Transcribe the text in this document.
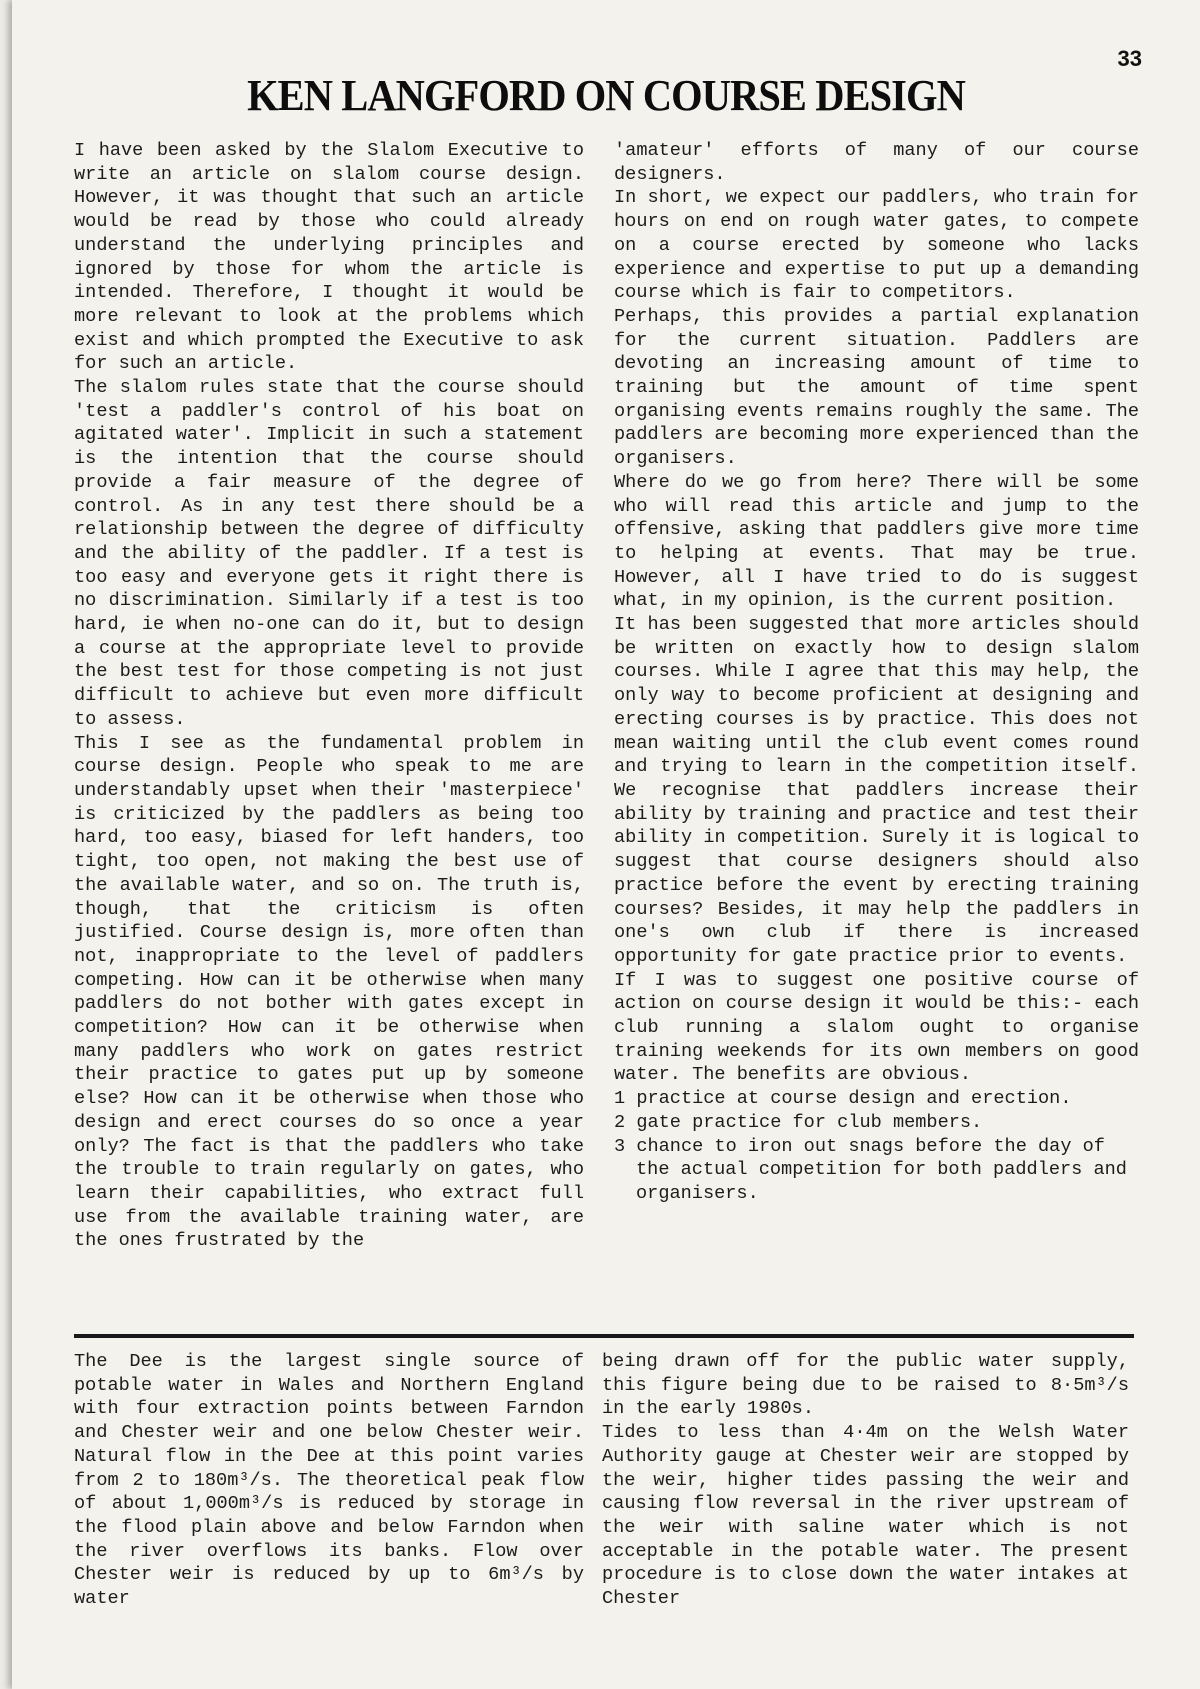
33
KEN LANGFORD ON COURSE DESIGN

I have been asked by the Slalom Executive to write an article on slalom course design. However, it was thought that such an article would be read by those who could already understand the underlying principles and ignored by those for whom the article is intended. Therefore, I thought it would be more relevant to look at the problems which exist and which prompted the Executive to ask for such an article.

The slalom rules state that the course should 'test a paddler's control of his boat on agitated water'. Implicit in such a statement is the intention that the course should provide a fair measure of the degree of control. As in any test there should be a relationship between the degree of difficulty and the ability of the paddler. If a test is too easy and everyone gets it right there is no discrimination. Similarly if a test is too hard, ie when no-one can do it, but to design a course at the appropriate level to provide the best test for those competing is not just difficult to achieve but even more difficult to assess.

This I see as the fundamental problem in course design. People who speak to me are understandably upset when their 'masterpiece' is criticized by the paddlers as being too hard, too easy, biased for left handers, too tight, too open, not making the best use of the available water, and so on. The truth is, though, that the criticism is often justified. Course design is, more often than not, inappropriate to the level of paddlers competing. How can it be otherwise when many paddlers do not bother with gates except in competition? How can it be otherwise when many paddlers who work on gates restrict their practice to gates put up by someone else? How can it be otherwise when those who design and erect courses do so once a year only? The fact is that the paddlers who take the trouble to train regularly on gates, who learn their capabilities, who extract full use from the available training water, are the ones frustrated by the

'amateur' efforts of many of our course designers.

In short, we expect our paddlers, who train for hours on end on rough water gates, to compete on a course erected by someone who lacks experience and expertise to put up a demanding course which is fair to competitors.

Perhaps, this provides a partial explanation for the current situation. Paddlers are devoting an increasing amount of time to training but the amount of time spent organising events remains roughly the same. The paddlers are becoming more experienced than the organisers.

Where do we go from here? There will be some who will read this article and jump to the offensive, asking that paddlers give more time to helping at events. That may be true. However, all I have tried to do is suggest what, in my opinion, is the current position.

It has been suggested that more articles should be written on exactly how to design slalom courses. While I agree that this may help, the only way to become proficient at designing and erecting courses is by practice. This does not mean waiting until the club event comes round and trying to learn in the competition itself. We recognise that paddlers increase their ability by training and practice and test their ability in competition. Surely it is logical to suggest that course designers should also practice before the event by erecting training courses? Besides, it may help the paddlers in one's own club if there is increased opportunity for gate practice prior to events.

If I was to suggest one positive course of action on course design it would be this:- each club running a slalom ought to organise training weekends for its own members on good water. The benefits are obvious.

1 practice at course design and erection.
2 gate practice for club members.
3 chance to iron out snags before the day of the actual competition for both paddlers and organisers.

The Dee is the largest single source of potable water in Wales and Northern England with four extraction points between Farndon and Chester weir and one below Chester weir. Natural flow in the Dee at this point varies from 2 to 180m³/s. The theoretical peak flow of about 1,000m³/s is reduced by storage in the flood plain above and below Farndon when the river overflows its banks. Flow over Chester weir is reduced by up to 6m³/s by water

being drawn off for the public water supply, this figure being due to be raised to 8·5m³/s in the early 1980s.

Tides to less than 4·4m on the Welsh Water Authority gauge at Chester weir are stopped by the weir, higher tides passing the weir and causing flow reversal in the river upstream of the weir with saline water which is not acceptable in the potable water. The present procedure is to close down the water intakes at Chester
